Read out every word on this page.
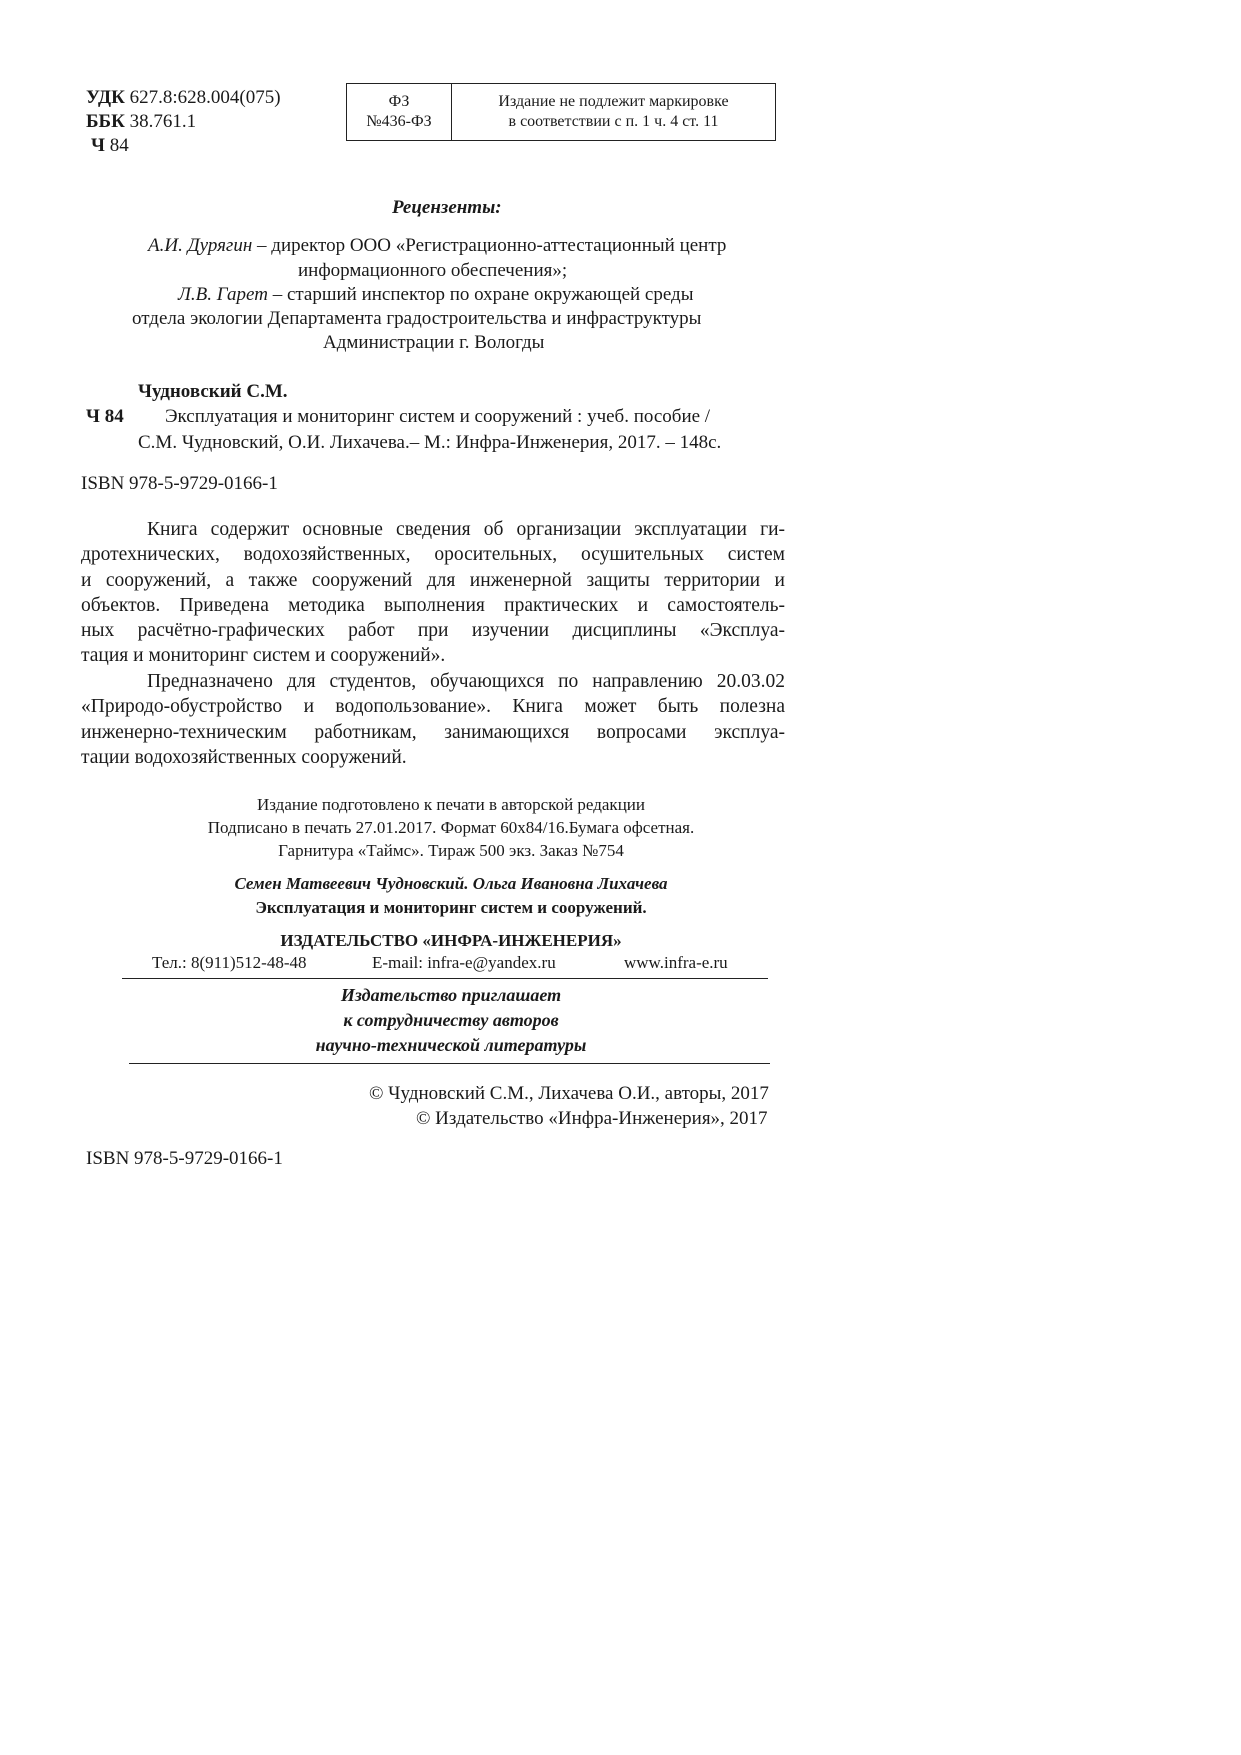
УДК 627.8:628.004(075)
ББК 38.761.1
Ч 84
ФЗ
№436-ФЗ
Издание не подлежит маркировке
в соответствии с п. 1 ч. 4 ст. 11
Рецензенты:
А.И. Дурягин – директор ООО «Регистрационно-аттестационный центр
информационного обеспечения»;
Л.В. Гарет – старший инспектор по охране окружающей среды
отдела экологии Департамента градостроительства и инфраструктуры
Администрации г. Вологды
Чудновский С.М.
Ч 84 Эксплуатация и мониторинг систем и сооружений : учеб. пособие /
С.М. Чудновский, О.И. Лихачева.– М.: Инфра-Инженерия, 2017. – 148с.
ISBN 978-5-9729-0166-1
Книга содержит основные сведения об организации эксплуатации ги-
дротехнических, водохозяйственных, оросительных, осушительных систем
и сооружений, а также сооружений для инженерной защиты территории и
объектов. Приведена методика выполнения практических и самостоятель-
ных расчётно-графических работ при изучении дисциплины «Эксплуа-
тация и мониторинг систем и сооружений».
Предназначено для студентов, обучающихся по направлению 20.03.02
«Природо-обустройство и водопользование». Книга может быть полезна
инженерно-техническим работникам, занимающихся вопросами эксплуа-
тации водохозяйственных сооружений.
Издание подготовлено к печати в авторской редакции
Подписано в печать 27.01.2017. Формат 60х84/16.Бумага офсетная.
Гарнитура «Таймс». Тираж 500 экз. Заказ №754
Семен Матвеевич Чудновский. Ольга Ивановна Лихачева
Эксплуатация и мониторинг систем и сооружений.
ИЗДАТЕЛЬСТВО «ИНФРА-ИНЖЕНЕРИЯ»
Тел.: 8(911)512-48-48	E-mail: infra-e@yandex.ru	www.infra-e.ru
Издательство приглашает
к сотрудничеству авторов
научно-технической литературы
© Чудновский С.М., Лихачева О.И., авторы, 2017
© Издательство «Инфра-Инженерия», 2017
ISBN 978-5-9729-0166-1
